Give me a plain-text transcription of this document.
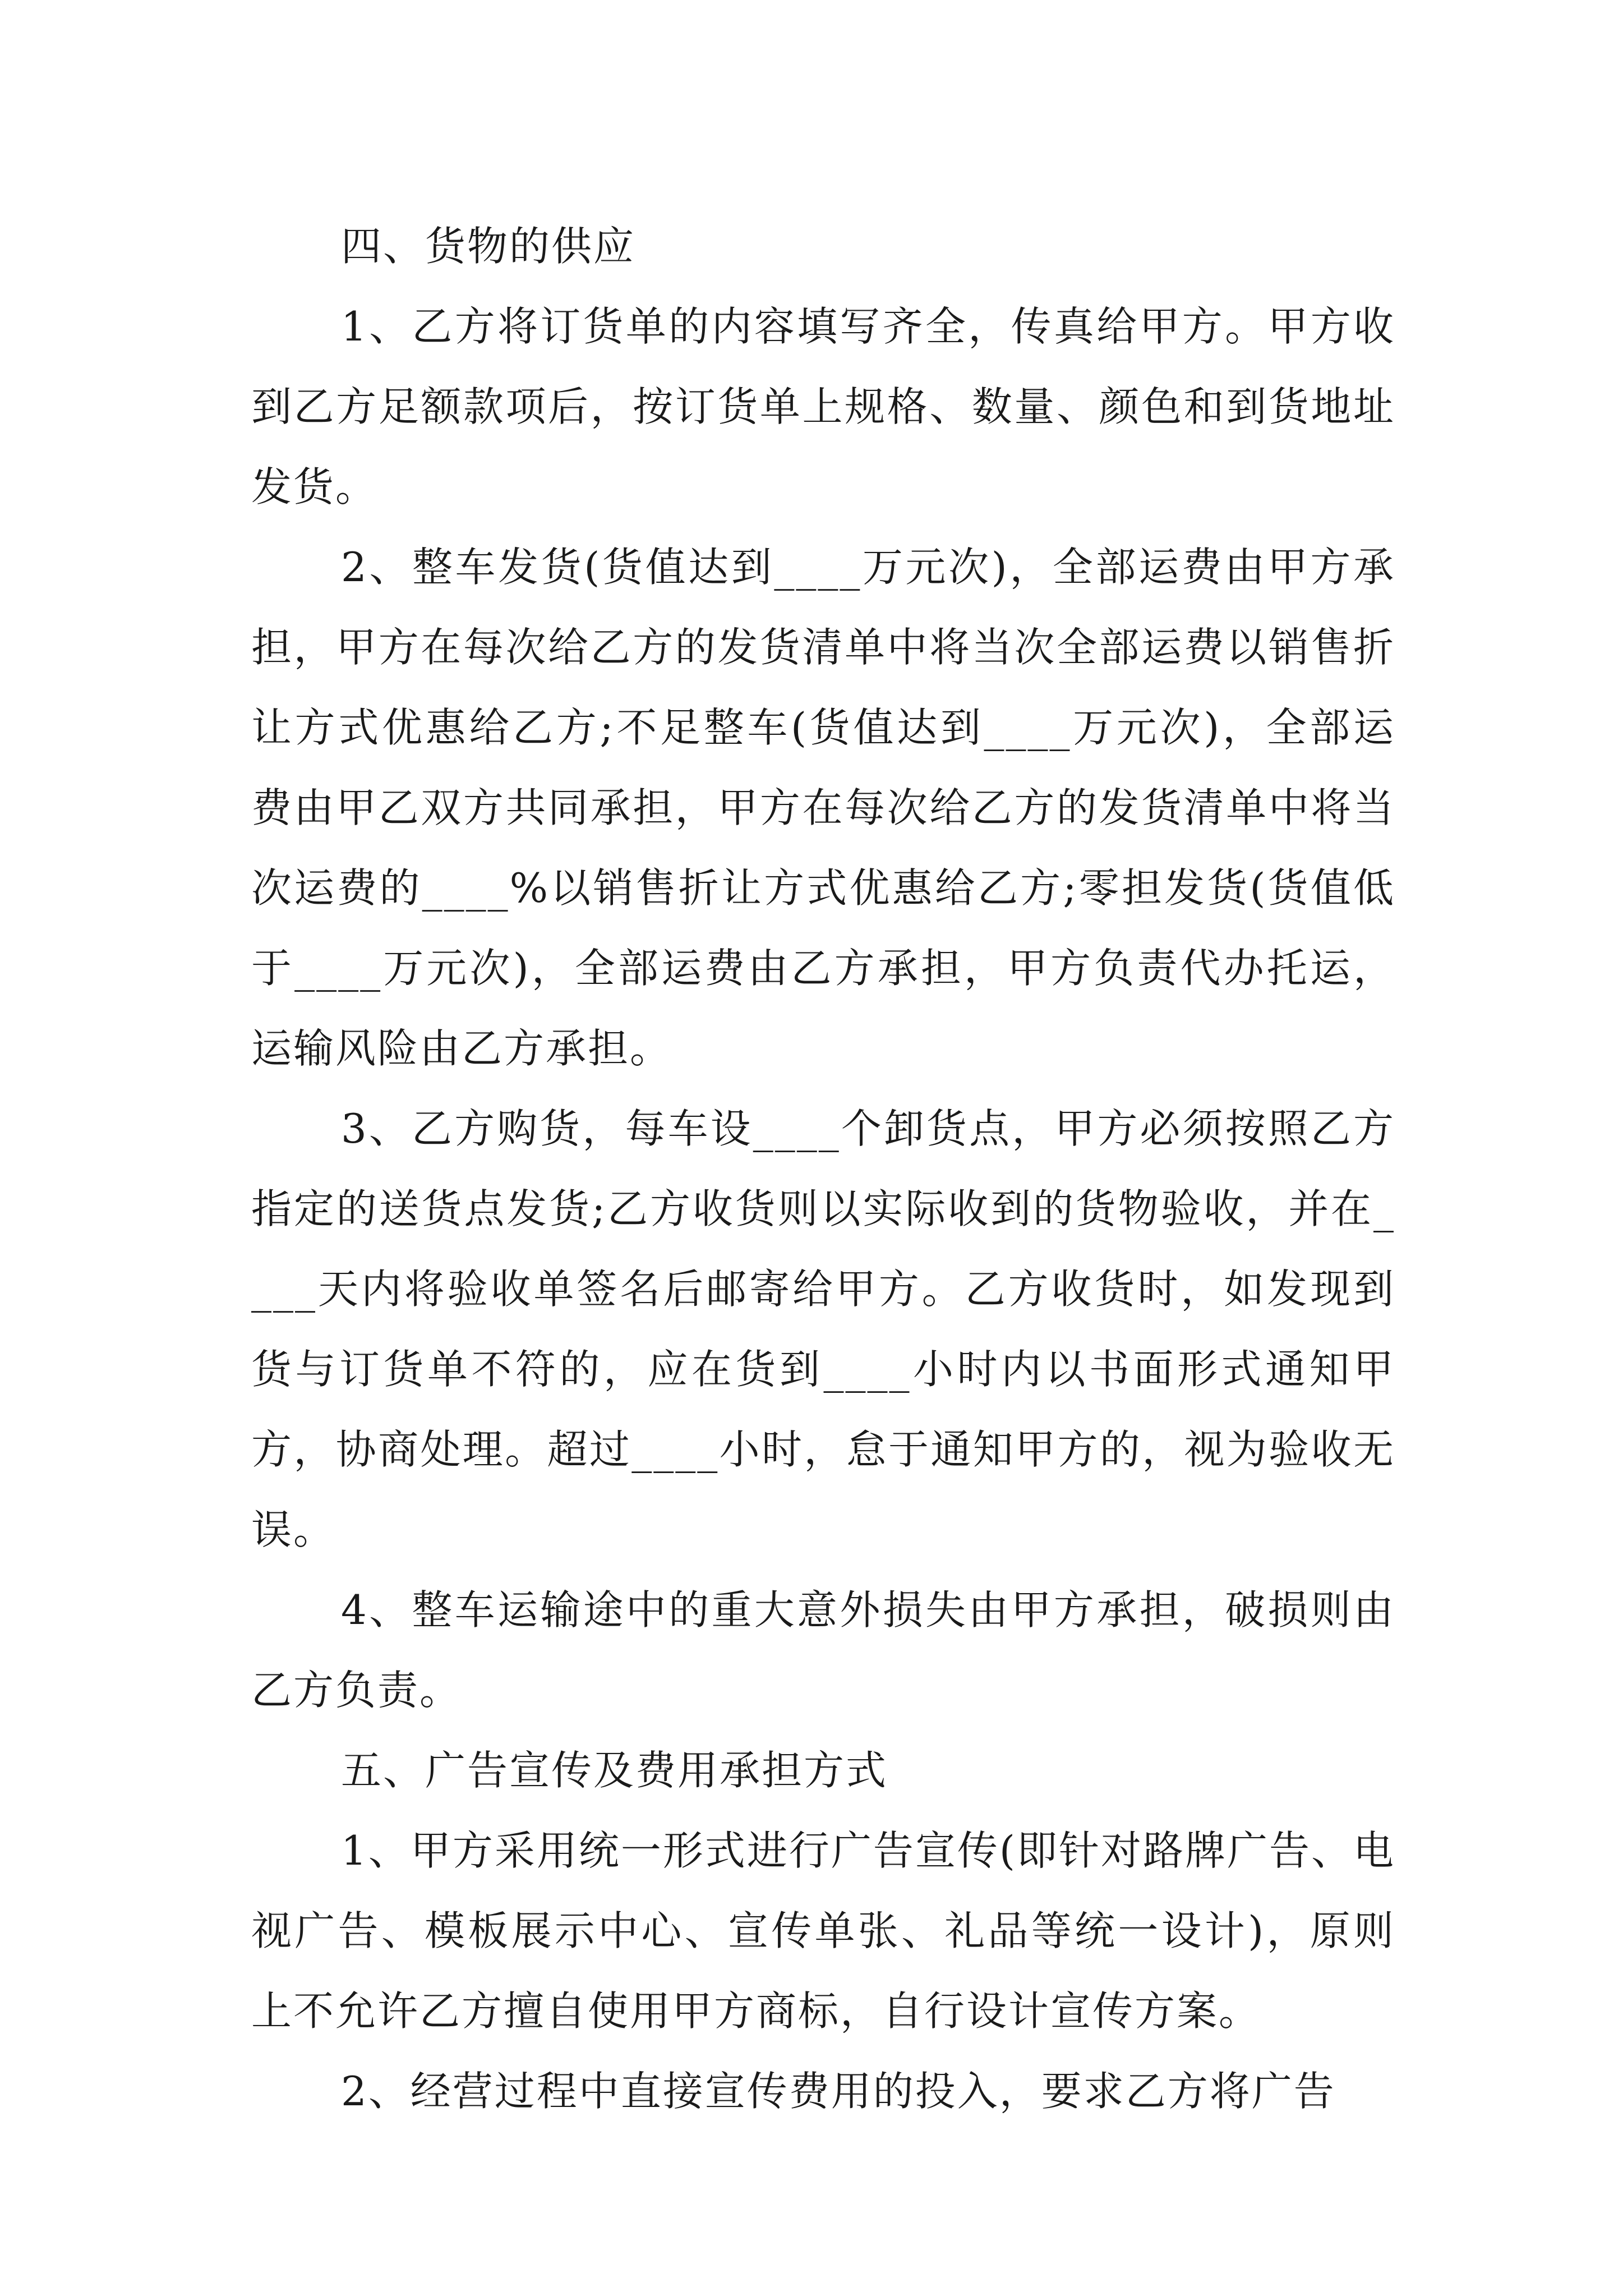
四、货物的供应

1、乙方将订货单的内容填写齐全，传真给甲方。甲方收到乙方足额款项后，按订货单上规格、数量、颜色和到货地址发货。

2、整车发货(货值达到____万元次)，全部运费由甲方承担，甲方在每次给乙方的发货清单中将当次全部运费以销售折让方式优惠给乙方;不足整车(货值达到____万元次)，全部运费由甲乙双方共同承担，甲方在每次给乙方的发货清单中将当次运费的____%以销售折让方式优惠给乙方;零担发货(货值低于____万元次)，全部运费由乙方承担，甲方负责代办托运，运输风险由乙方承担。

3、乙方购货，每车设____个卸货点，甲方必须按照乙方指定的送货点发货;乙方收货则以实际收到的货物验收，并在____天内将验收单签名后邮寄给甲方。乙方收货时，如发现到货与订货单不符的，应在货到____小时内以书面形式通知甲方，协商处理。超过____小时，怠于通知甲方的，视为验收无误。

4、整车运输途中的重大意外损失由甲方承担，破损则由乙方负责。

五、广告宣传及费用承担方式

1、甲方采用统一形式进行广告宣传(即针对路牌广告、电视广告、模板展示中心、宣传单张、礼品等统一设计)，原则上不允许乙方擅自使用甲方商标，自行设计宣传方案。

2、经营过程中直接宣传费用的投入，要求乙方将广告
